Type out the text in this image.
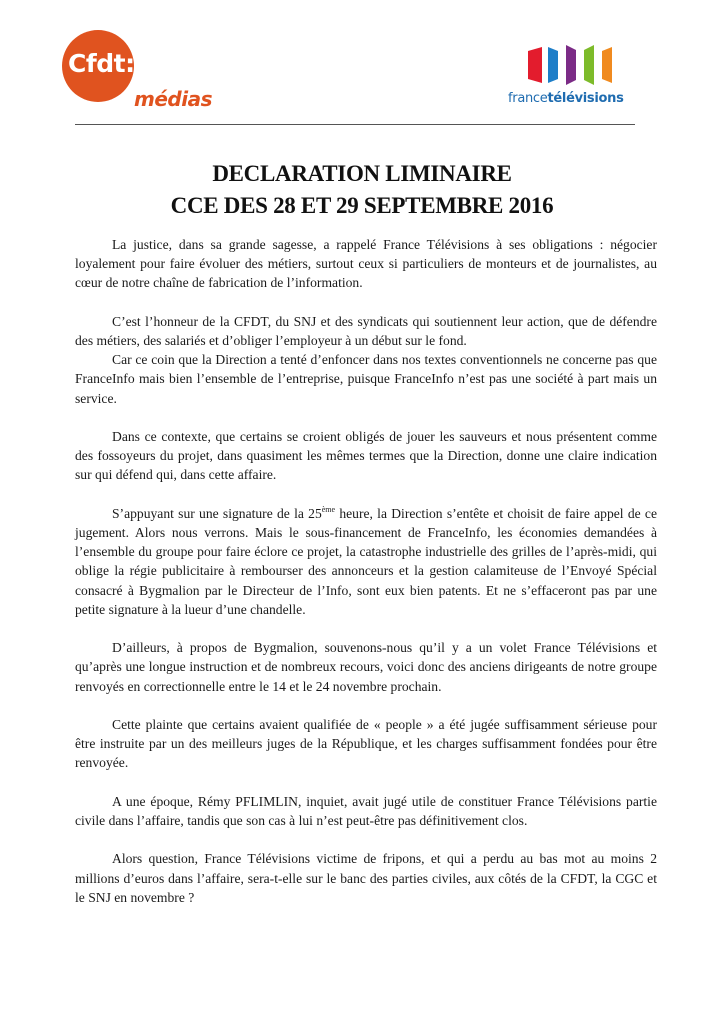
Cfdt:
médias	francetélévisions
DECLARATION LIMINAIRE
CCE DES 28 ET 29 SEPTEMBRE 2016

La justice, dans sa grande sagesse, a rappelé France Télévisions à ses obligations : négocier loyalement pour faire évoluer des métiers, surtout ceux si particuliers de monteurs et de journalistes, au cœur de notre chaîne de fabrication de l’information.

C’est l’honneur de la CFDT, du SNJ et des syndicats qui soutiennent leur action, que de défendre des métiers, des salariés et d’obliger l’employeur à un début sur le fond.

Car ce coin que la Direction a tenté d’enfoncer dans nos textes conventionnels ne concerne pas que FranceInfo mais bien l’ensemble de l’entreprise, puisque FranceInfo n’est pas une société à part mais un service.

Dans ce contexte, que certains se croient obligés de jouer les sauveurs et nous présentent comme des fossoyeurs du projet, dans quasiment les mêmes termes que la Direction, donne une claire indication sur qui défend qui, dans cette affaire.

S’appuyant sur une signature de la 25ème heure, la Direction s’entête et choisit de faire appel de ce jugement. Alors nous verrons. Mais le sous-financement de FranceInfo, les économies demandées à l’ensemble du groupe pour faire éclore ce projet, la catastrophe industrielle des grilles de l’après-midi, qui oblige la régie publicitaire à rembourser des annonceurs et la gestion calamiteuse de l’Envoyé Spécial consacré à Bygmalion par le Directeur de l’Info, sont eux bien patents. Et ne s’effaceront pas par une petite signature à la lueur d’une chandelle.

D’ailleurs, à propos de Bygmalion, souvenons-nous qu’il y a un volet France Télévisions et qu’après une longue instruction et de nombreux recours, voici donc des anciens dirigeants de notre groupe renvoyés en correctionnelle entre le 14 et le 24 novembre prochain.

Cette plainte que certains avaient qualifiée de « people » a été jugée suffisamment sérieuse pour être instruite par un des meilleurs juges de la République, et les charges suffisamment fondées pour être renvoyée.

A une époque, Rémy PFLIMLIN, inquiet, avait jugé utile de constituer France Télévisions partie civile dans l’affaire, tandis que son cas à lui n’est peut-être pas définitivement clos.

Alors question, France Télévisions victime de fripons, et qui a perdu au bas mot au moins 2 millions d’euros dans l’affaire, sera-t-elle sur le banc des parties civiles, aux côtés de la CFDT, la CGC et le SNJ en novembre ?
